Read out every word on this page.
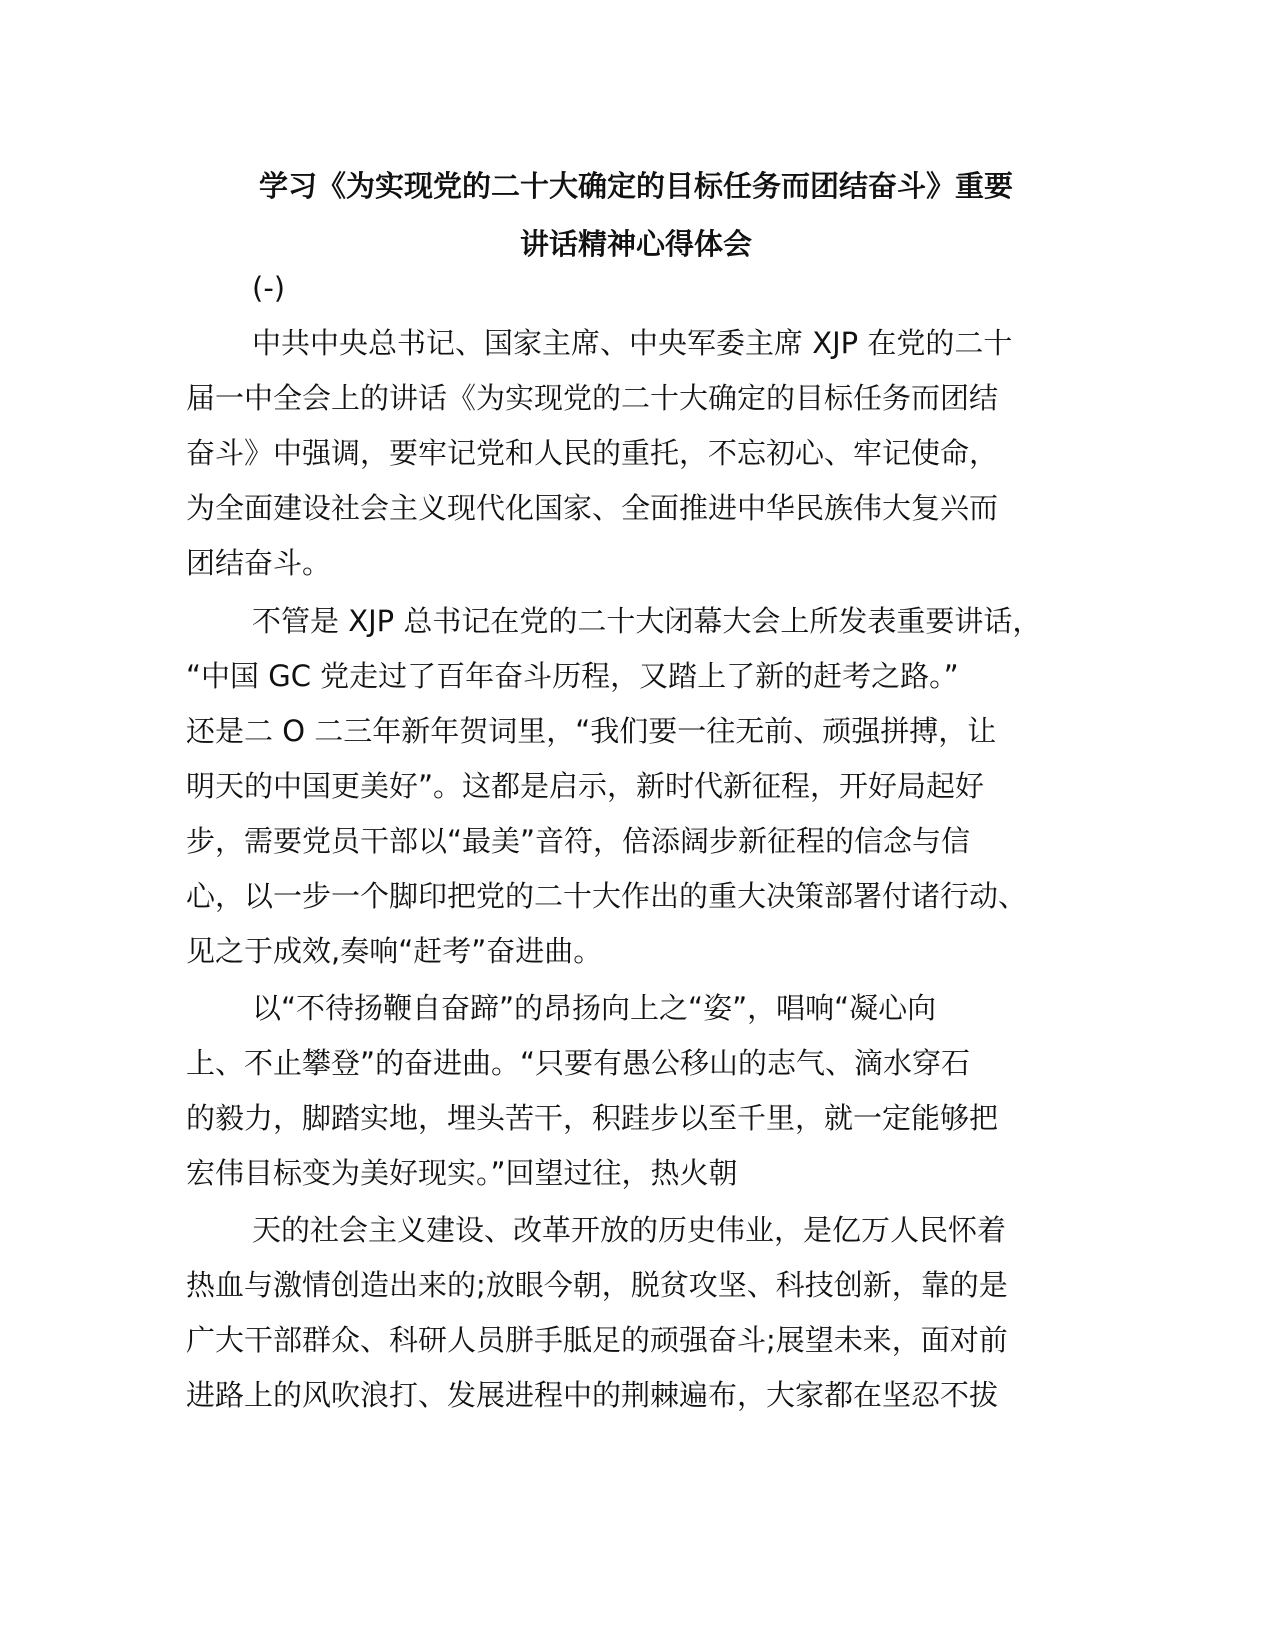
学习《为实现党的二十大确定的目标任务而团结奋斗》重要
讲话精神心得体会
(-)
中共中央总书记、国家主席、中央军委主席 XJP 在党的二十
届一中全会上的讲话《为实现党的二十大确定的目标任务而团结
奋斗》中强调，要牢记党和人民的重托，不忘初心、牢记使命，
为全面建设社会主义现代化国家、全面推进中华民族伟大复兴而
团结奋斗。
不管是 XJP 总书记在党的二十大闭幕大会上所发表重要讲话，
“中国 GC 党走过了百年奋斗历程，又踏上了新的赶考之路。”
还是二 O 二三年新年贺词里，“我们要一往无前、顽强拼搏，让
明天的中国更美好”。这都是启示，新时代新征程，开好局起好
步，需要党员干部以“最美”音符，倍添阔步新征程的信念与信
心，以一步一个脚印把党的二十大作出的重大决策部署付诸行动、
见之于成效,奏响“赶考”奋进曲。
以“不待扬鞭自奋蹄”的昂扬向上之“姿”，唱响“凝心向
上、不止攀登”的奋进曲。“只要有愚公移山的志气、滴水穿石
的毅力，脚踏实地，埋头苦干，积跬步以至千里，就一定能够把
宏伟目标变为美好现实。”回望过往，热火朝
天的社会主义建设、改革开放的历史伟业，是亿万人民怀着
热血与激情创造出来的;放眼今朝，脱贫攻坚、科技创新，靠的是
广大干部群众、科研人员胼手胝足的顽强奋斗;展望未来，面对前
进路上的风吹浪打、发展进程中的荆棘遍布，大家都在坚忍不拔
